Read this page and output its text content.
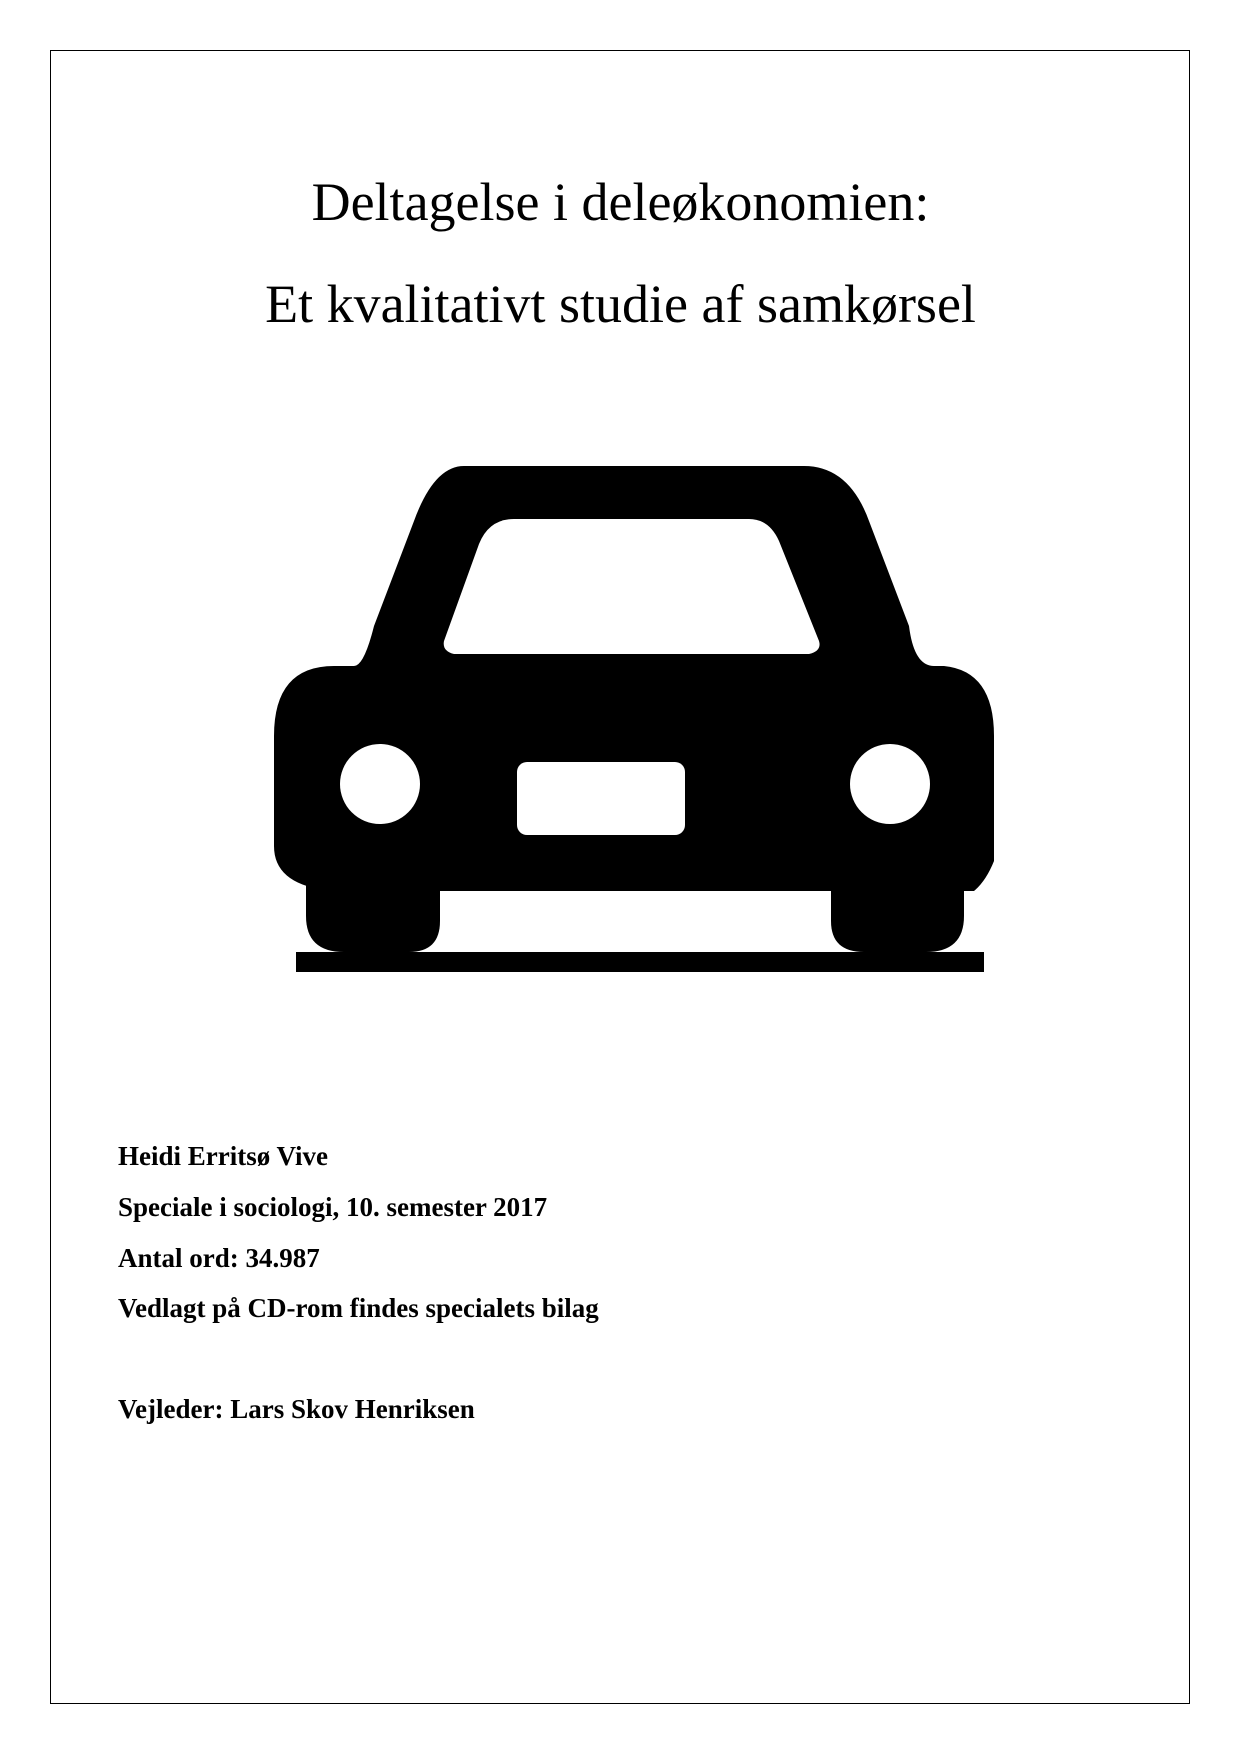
Deltagelse i deleøkonomien:
Et kvalitativt studie af samkørsel
Heidi Erritsø Vive
Speciale i sociologi, 10. semester 2017
Antal ord: 34.987
Vedlagt på CD-rom findes specialets bilag
Vejleder: Lars Skov Henriksen
